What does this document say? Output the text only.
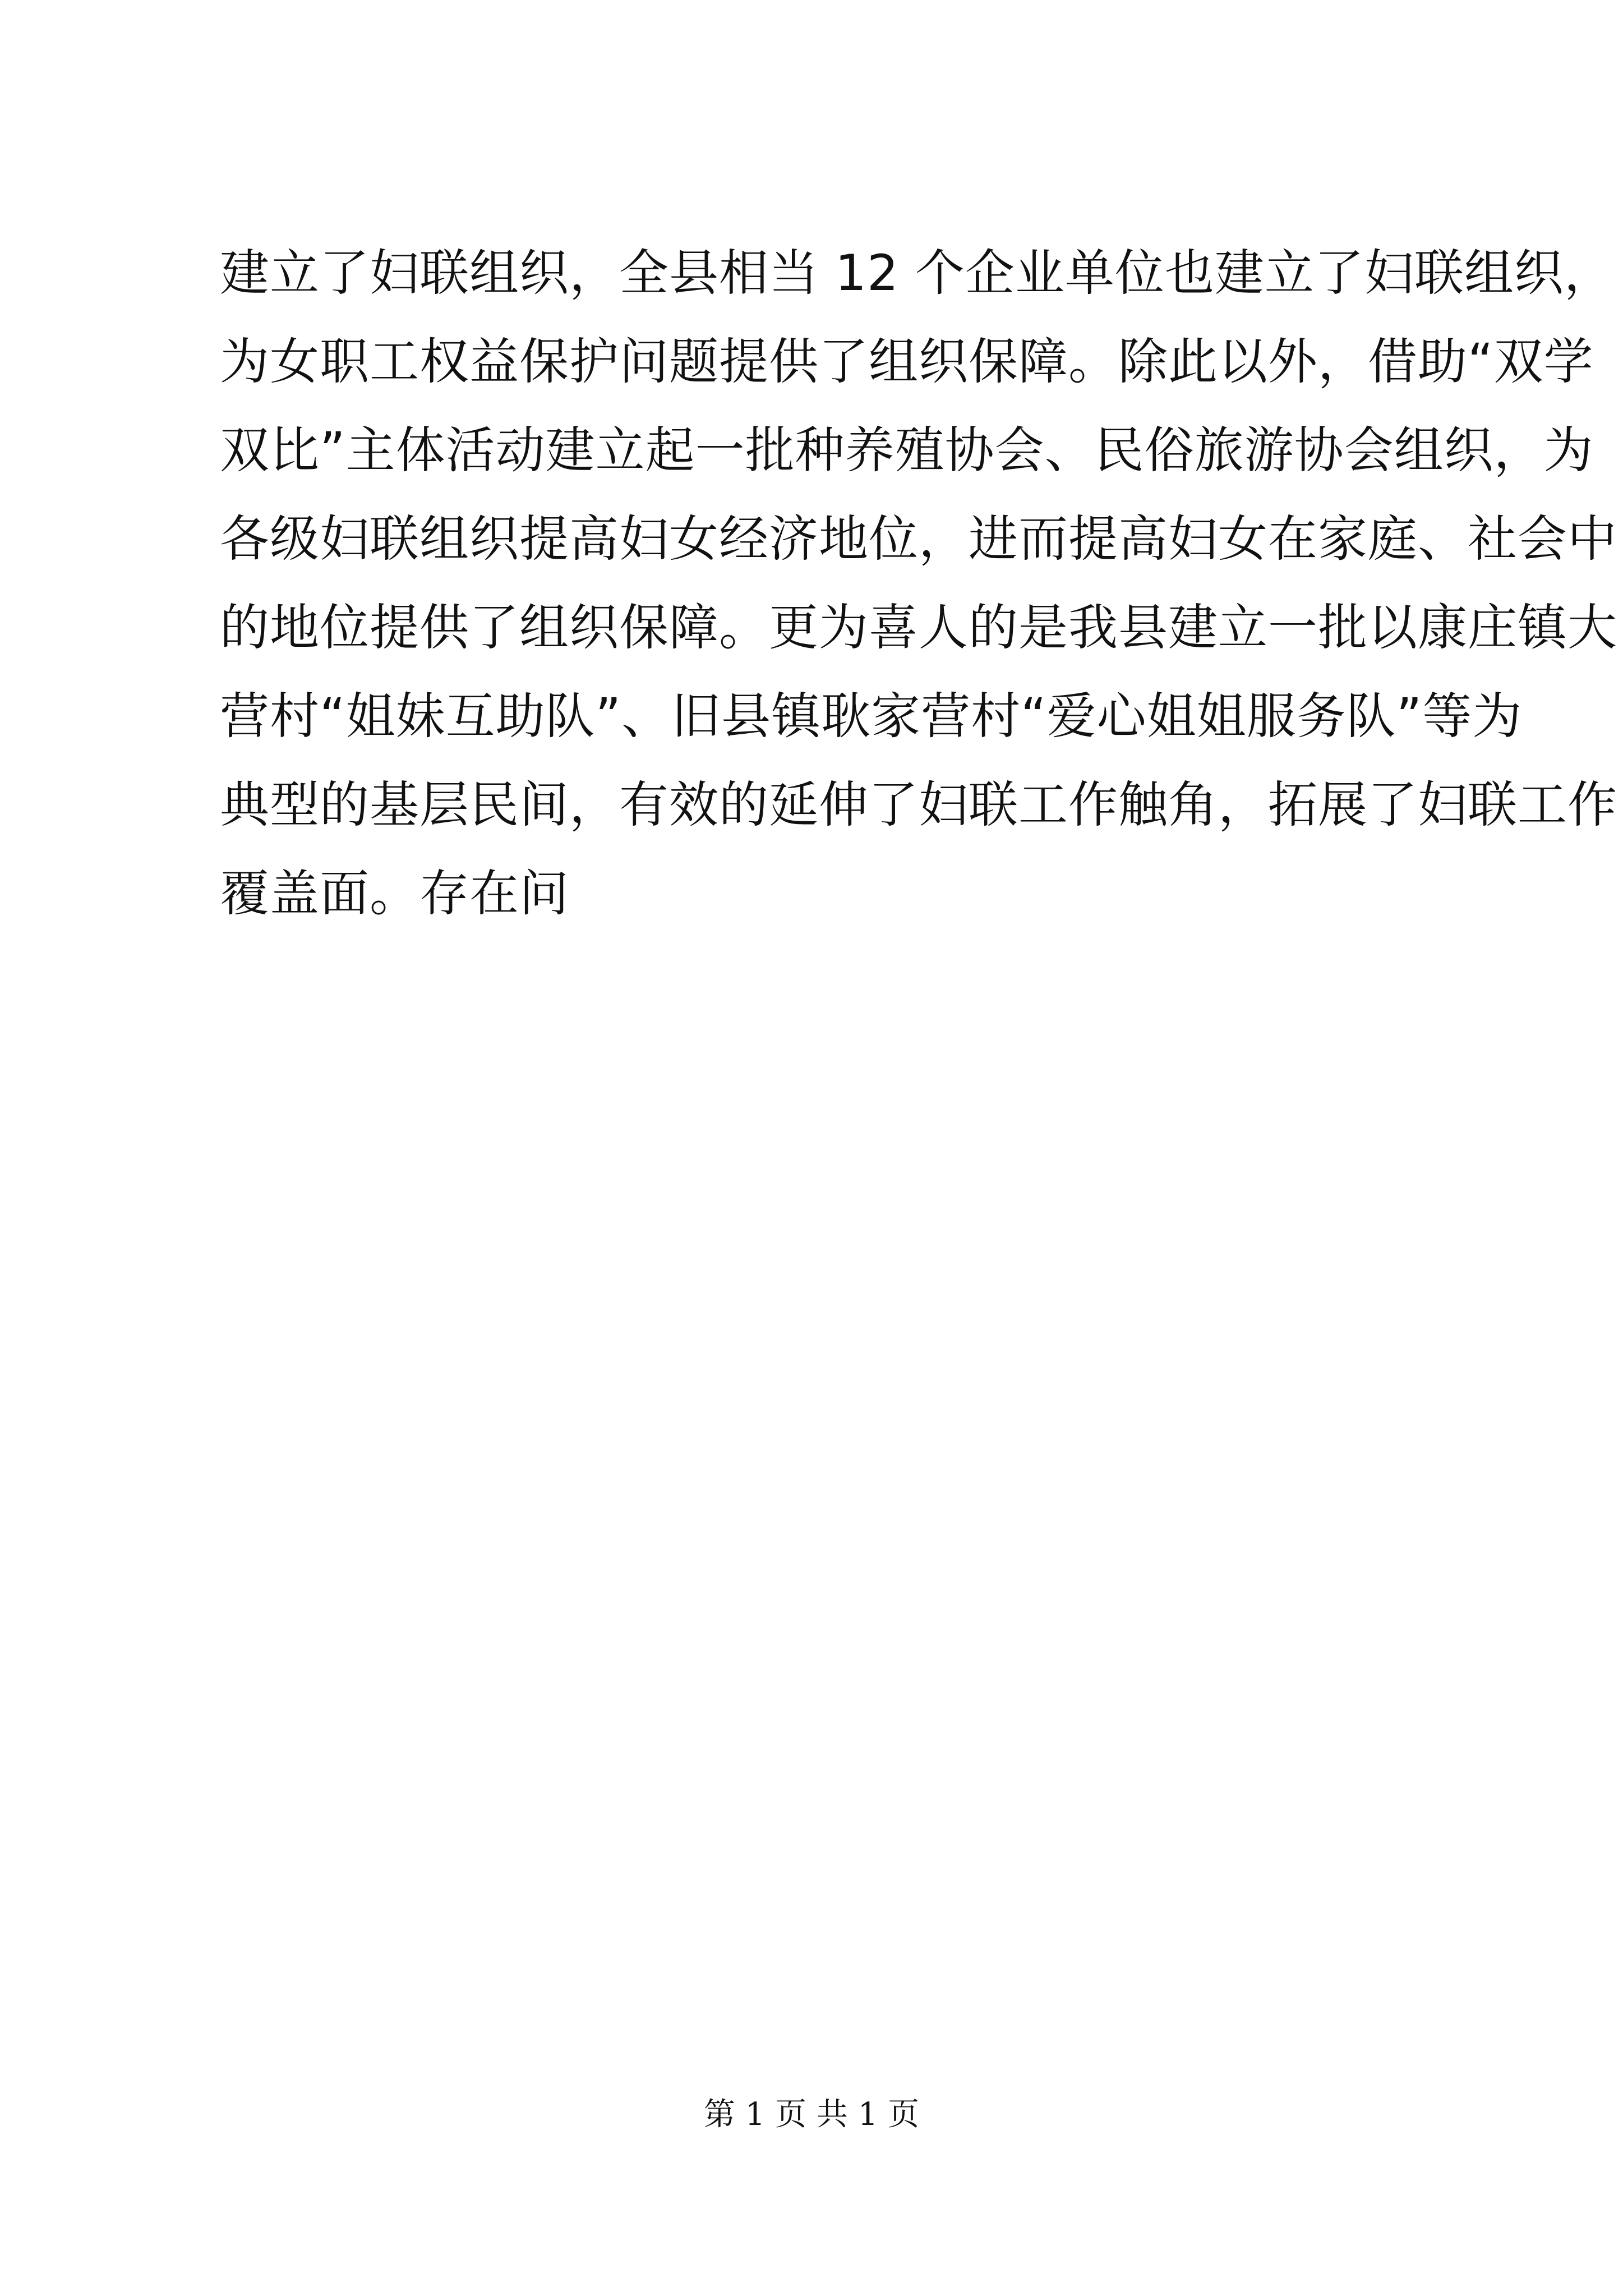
建立了妇联组织，全县相当 12 个企业单位也建立了妇联组织，
为女职工权益保护问题提供了组织保障。除此以外，借助“双学
双比”主体活动建立起一批种养殖协会、民俗旅游协会组织，为
各级妇联组织提高妇女经济地位，进而提高妇女在家庭、社会中
的地位提供了组织保障。更为喜人的是我县建立一批以康庄镇大
营村“姐妹互助队”、旧县镇耿家营村“爱心姐姐服务队”等为
典型的基层民间，有效的延伸了妇联工作触角，拓展了妇联工作
覆盖面。存在问
第 1 页 共 1 页
